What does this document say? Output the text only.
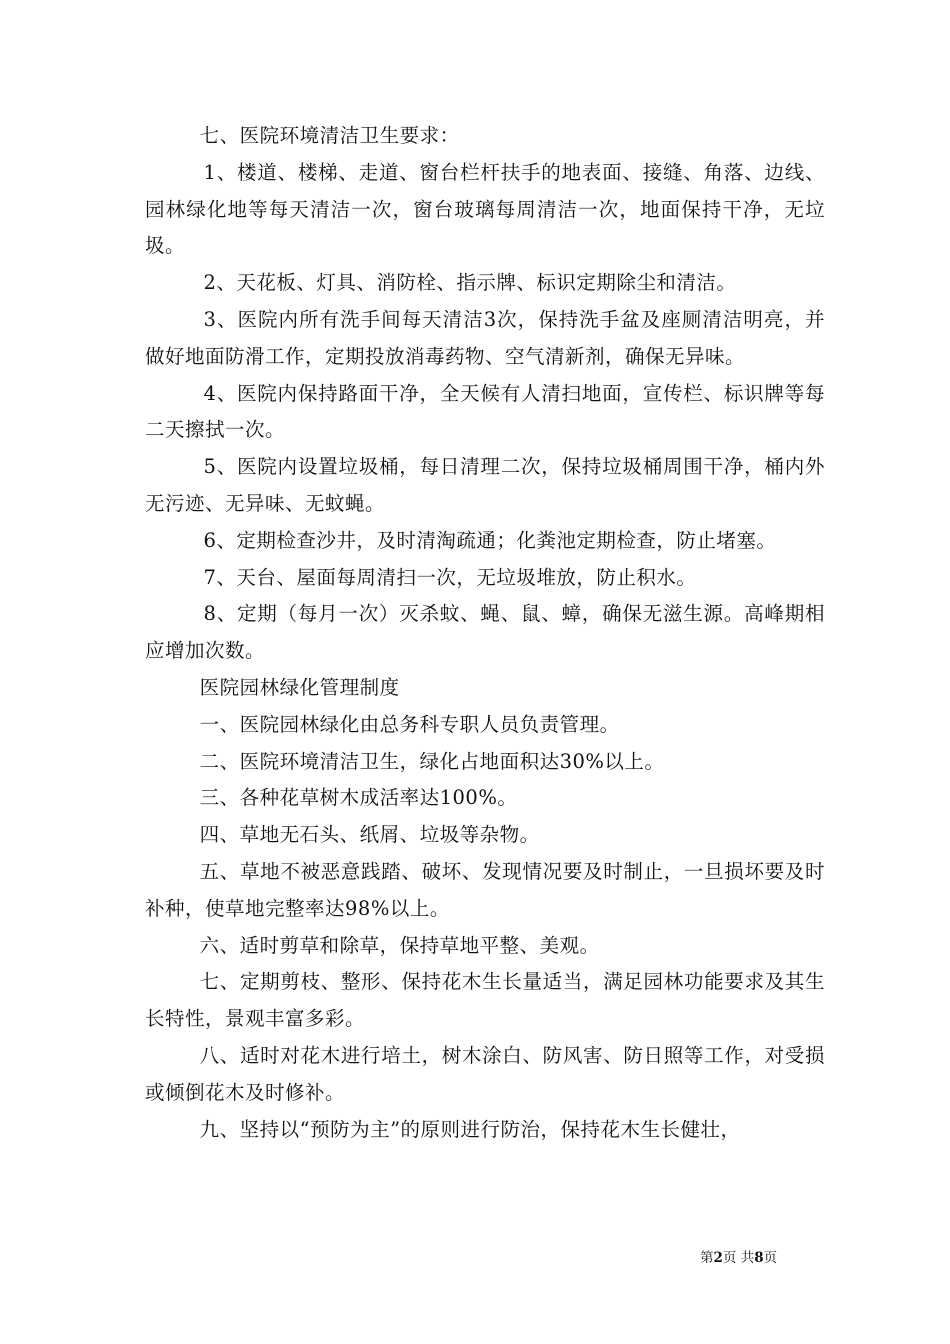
七、医院环境清洁卫生要求：

1、楼道、楼梯、走道、窗台栏杆扶手的地表面、接缝、角落、边线、园林绿化地等每天清洁一次，窗台玻璃每周清洁一次，地面保持干净，无垃圾。

2、天花板、灯具、消防栓、指示牌、标识定期除尘和清洁。

3、医院内所有洗手间每天清洁3次，保持洗手盆及座厕清洁明亮，并做好地面防滑工作，定期投放消毒药物、空气清新剂，确保无异味。

4、医院内保持路面干净，全天候有人清扫地面，宣传栏、标识牌等每二天擦拭一次。

5、医院内设置垃圾桶，每日清理二次，保持垃圾桶周围干净，桶内外无污迹、无异味、无蚊蝇。

6、定期检查沙井，及时清淘疏通；化粪池定期检查，防止堵塞。

7、天台、屋面每周清扫一次，无垃圾堆放，防止积水。

8、定期（每月一次）灭杀蚊、蝇、鼠、蟑，确保无滋生源。高峰期相应增加次数。

医院园林绿化管理制度

一、医院园林绿化由总务科专职人员负责管理。

二、医院环境清洁卫生，绿化占地面积达30%以上。

三、各种花草树木成活率达100%。

四、草地无石头、纸屑、垃圾等杂物。

五、草地不被恶意践踏、破坏、发现情况要及时制止，一旦损坏要及时补种，使草地完整率达98%以上。

六、适时剪草和除草，保持草地平整、美观。

七、定期剪枝、整形、保持花木生长量适当，满足园林功能要求及其生长特性，景观丰富多彩。

八、适时对花木进行培土，树木涂白、防风害、防日照等工作，对受损或倾倒花木及时修补。

九、坚持以“预防为主”的原则进行防治，保持花木生长健壮，

第2页 共8页
